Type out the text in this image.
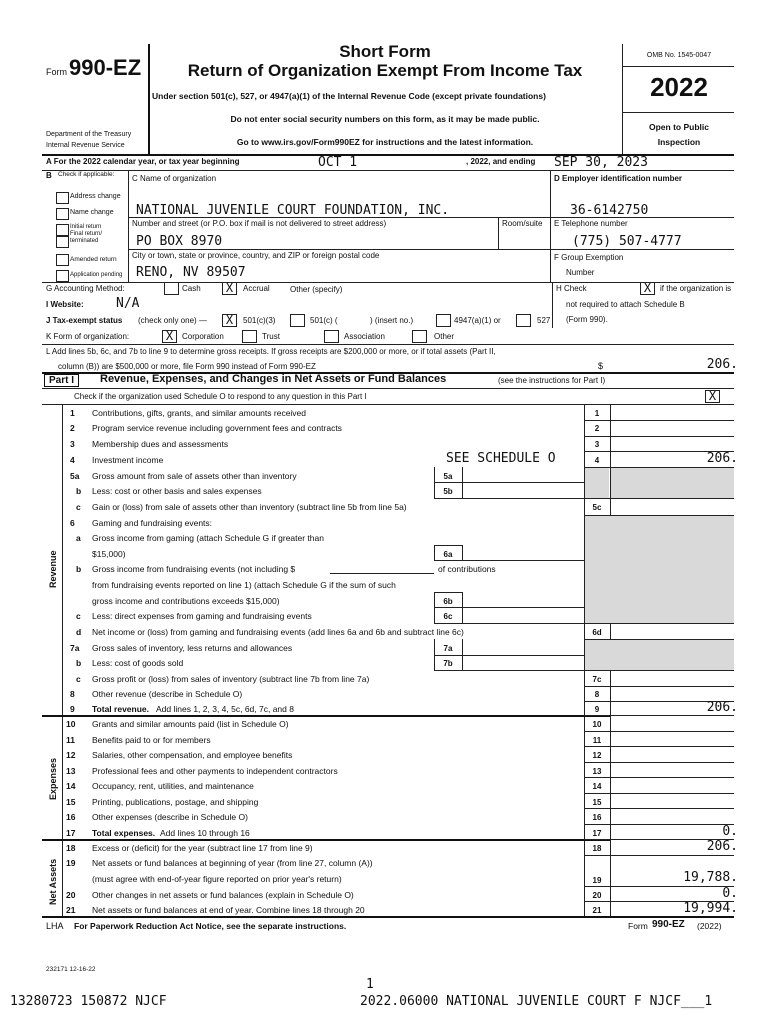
Form 990-EZ
Department of the Treasury
Internal Revenue Service
Short Form
Return of Organization Exempt From Income Tax
Under section 501(c), 527, or 4947(a)(1) of the Internal Revenue Code (except private foundations)
Do not enter social security numbers on this form, as it may be made public.
Go to www.irs.gov/Form990EZ for instructions and the latest information.
OMB No. 1545-0047
2022
Open to Public
Inspection
A For the 2022 calendar year, or tax year beginning	OCT 1	, 2022, and ending SEP 30, 2023
B Check if applicable:
Address change
Name change
Initial return
Final return/ terminated
Amended return
Application pending
C Name of organization
NATIONAL JUVENILE COURT FOUNDATION, INC.
Number and street (or P.O. box if mail is not delivered to street address)	Room/suite
PO BOX 8970
City or town, state or province, country, and ZIP or foreign postal code
RENO, NV 89507
D Employer identification number
36-6142750
E Telephone number
(775) 507-4777
F Group Exemption
Number
G Accounting Method:	Cash	X	Accrual	Other (specify)	H Check	X	if the organization is
not required to attach Schedule B
(Form 990).
I Website: N/A
J Tax-exempt status (check only one) —	X	501(c)(3)	501(c) (	) (insert no.)	4947(a)(1) or	527
K Form of organization:	X	Corporation	Trust	Association	Other
L Add lines 5b, 6c, and 7b to line 9 to determine gross receipts. If gross receipts are $200,000 or more, or if total assets (Part II,
column (B)) are $500,000 or more, file Form 990 instead of Form 990-EZ	$	206.
Part I	Revenue, Expenses, and Changes in Net Assets or Fund Balances	(see the instructions for Part I)
Check if the organization used Schedule O to respond to any question in this Part I	X
Revenue
Expenses
Net Assets
1 Contributions, gifts, grants, and similar amounts received	1
2 Program service revenue including government fees and contracts	2
3 Membership dues and assessments	3
4 Investment income	SEE SCHEDULE O	4	206.
5a Gross amount from sale of assets other than inventory	5a
b Less: cost or other basis and sales expenses	5b
c Gain or (loss) from sale of assets other than inventory (subtract line 5b from line 5a)	5c
6 Gaming and fundraising events:
a Gross income from gaming (attach Schedule G if greater than
$15,000)	6a
b Gross income from fundraising events (not including $	of contributions
from fundraising events reported on line 1) (attach Schedule G if the sum of such
gross income and contributions exceeds $15,000)	6b
c Less: direct expenses from gaming and fundraising events	6c
d Net income or (loss) from gaming and fundraising events (add lines 6a and 6b and subtract line 6c)	6d
7a Gross sales of inventory, less returns and allowances	7a
b Less: cost of goods sold	7b
c Gross profit or (loss) from sales of inventory (subtract line 7b from line 7a)	7c
8 Other revenue (describe in Schedule O)	8
9 Total revenue. Add lines 1, 2, 3, 4, 5c, 6d, 7c, and 8	9	206.
10 Grants and similar amounts paid (list in Schedule O)	10
11 Benefits paid to or for members	11
12 Salaries, other compensation, and employee benefits	12
13 Professional fees and other payments to independent contractors	13
14 Occupancy, rent, utilities, and maintenance	14
15 Printing, publications, postage, and shipping	15
16 Other expenses (describe in Schedule O)	16
17 Total expenses. Add lines 10 through 16	17	0.
18 Excess or (deficit) for the year (subtract line 17 from line 9)	18	206.
19 Net assets or fund balances at beginning of year (from line 27, column (A))
(must agree with end-of-year figure reported on prior year's return)	19	19,788.
20 Other changes in net assets or fund balances (explain in Schedule O)	20	0.
21 Net assets or fund balances at end of year. Combine lines 18 through 20	21	19,994.
LHA For Paperwork Reduction Act Notice, see the separate instructions.	Form 990-EZ (2022)
232171 12-16-22
1
13280723 150872 NJCF	2022.06000 NATIONAL JUVENILE COURT F NJCF___1
